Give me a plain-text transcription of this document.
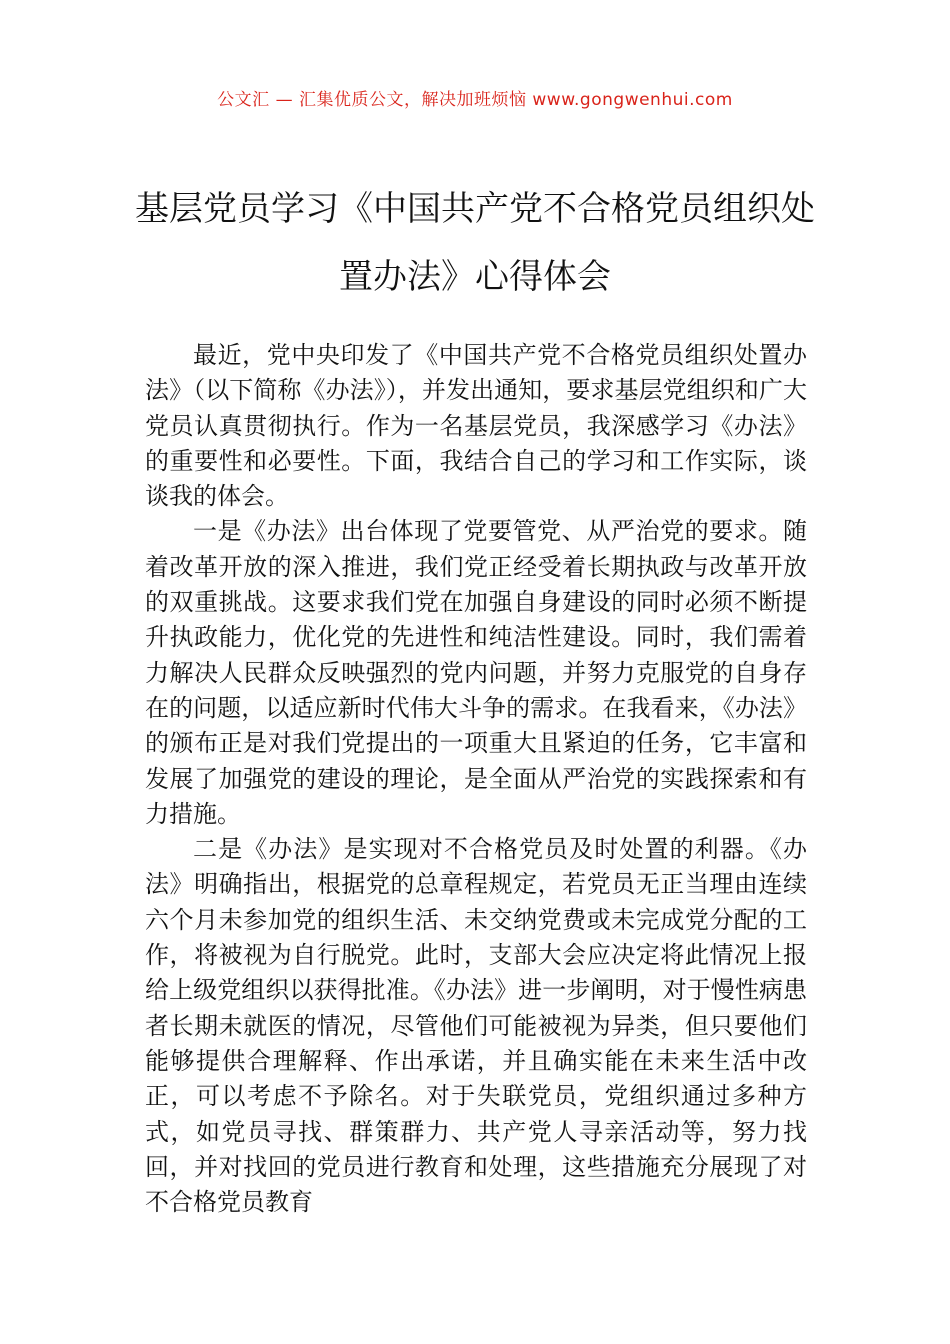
公文汇 — 汇集优质公文，解决加班烦恼 www.gongwenhui.com
基层党员学习《中国共产党不合格党员组织处置办法》心得体会

最近，党中央印发了《中国共产党不合格党员组织处置办法》（以下简称《办法》），并发出通知，要求基层党组织和广大党员认真贯彻执行。作为一名基层党员，我深感学习《办法》的重要性和必要性。下面，我结合自己的学习和工作实际，谈谈我的体会。

一是《办法》出台体现了党要管党、从严治党的要求。随着改革开放的深入推进，我们党正经受着长期执政与改革开放的双重挑战。这要求我们党在加强自身建设的同时必须不断提升执政能力，优化党的先进性和纯洁性建设。同时，我们需着力解决人民群众反映强烈的党内问题，并努力克服党的自身存在的问题，以适应新时代伟大斗争的需求。在我看来，《办法》的颁布正是对我们党提出的一项重大且紧迫的任务，它丰富和发展了加强党的建设的理论，是全面从严治党的实践探索和有力措施。

二是《办法》是实现对不合格党员及时处置的利器。《办法》明确指出，根据党的总章程规定，若党员无正当理由连续六个月未参加党的组织生活、未交纳党费或未完成党分配的工作，将被视为自行脱党。此时，支部大会应决定将此情况上报给上级党组织以获得批准。《办法》进一步阐明，对于慢性病患者长期未就医的情况，尽管他们可能被视为异类，但只要他们能够提供合理解释、作出承诺，并且确实能在未来生活中改正，可以考虑不予除名。对于失联党员，党组织通过多种方式，如党员寻找、群策群力、共产党人寻亲活动等，努力找回，并对找回的党员进行教育和处理，这些措施充分展现了对不合格党员教育
